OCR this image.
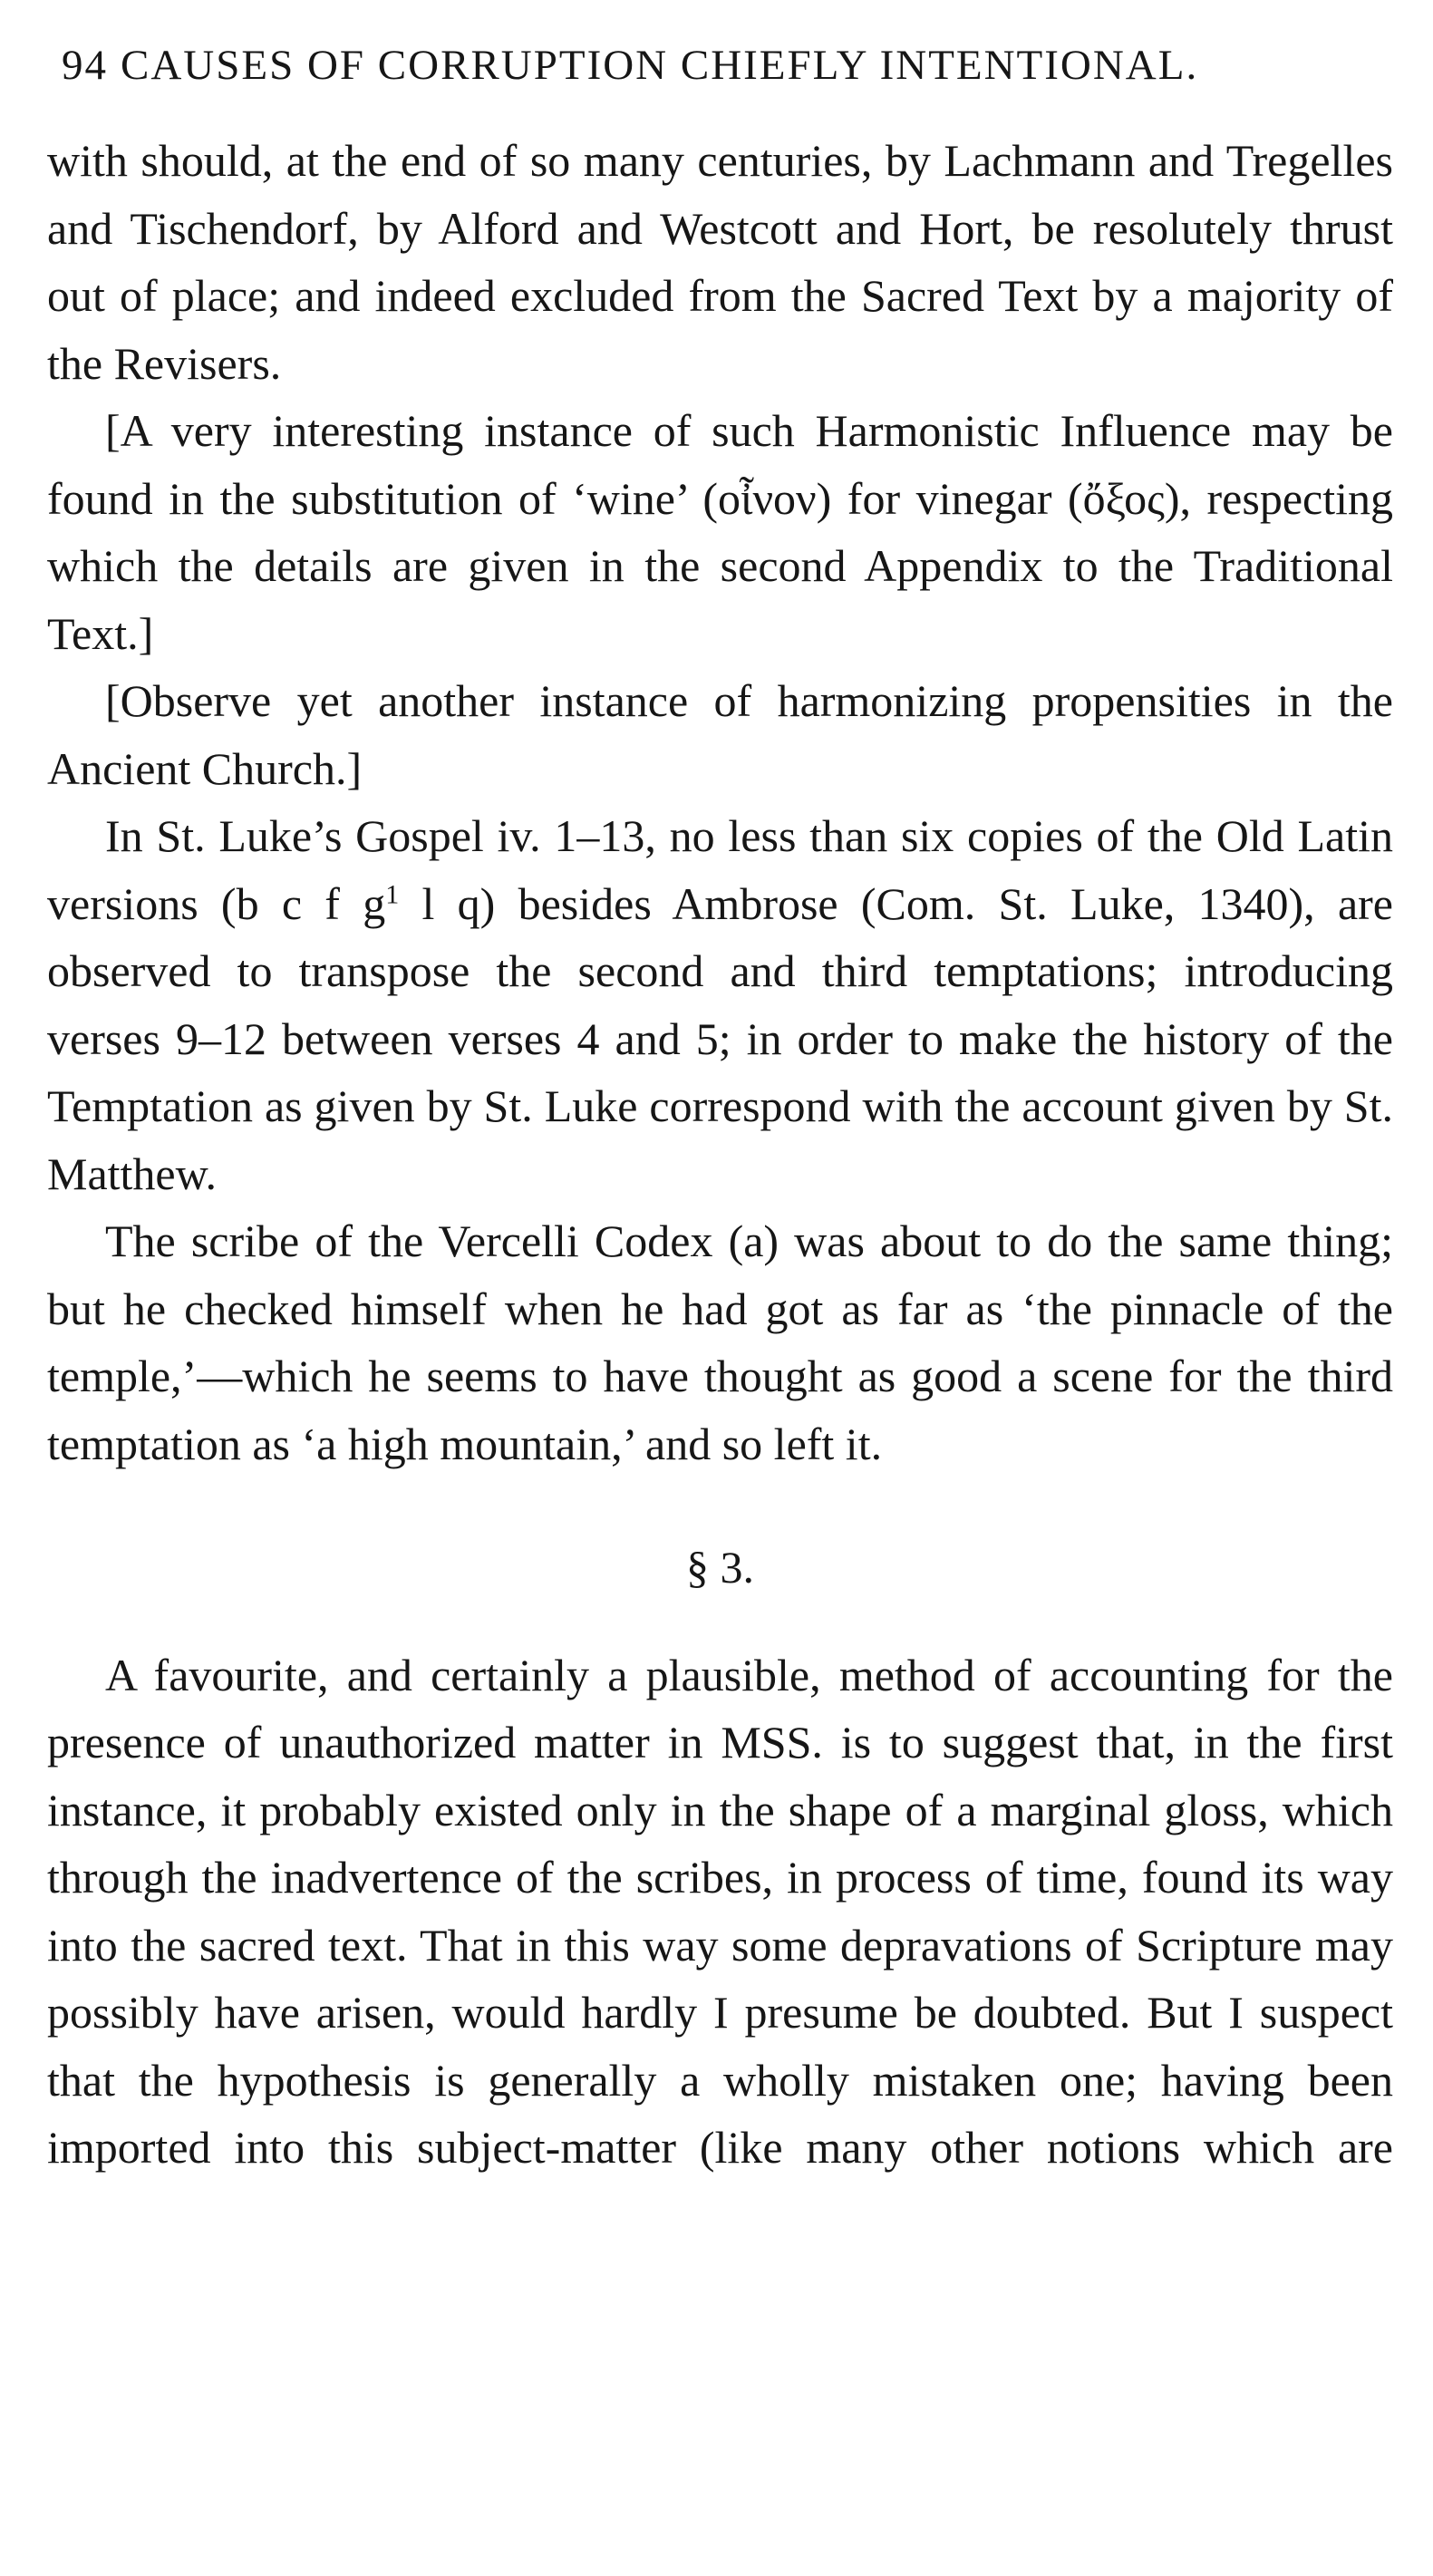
94 CAUSES OF CORRUPTION CHIEFLY INTENTIONAL.

with should, at the end of so many centuries, by Lachmann and Tregelles and Tischendorf, by Alford and Westcott and Hort, be resolutely thrust out of place; and indeed excluded from the Sacred Text by a majority of the Revisers.

[A very interesting instance of such Harmonistic Influence may be found in the substitution of ‘wine’ (οἶνον) for vinegar (ὄξος), respecting which the details are given in the second Appendix to the Traditional Text.]

[Observe yet another instance of harmonizing propensities in the Ancient Church.]

In St. Luke’s Gospel iv. 1–13, no less than six copies of the Old Latin versions (b c f $g^1$ l q) besides Ambrose (Com. St. Luke, 1340), are observed to transpose the second and third temptations; introducing verses 9–12 between verses 4 and 5; in order to make the history of the Temptation as given by St. Luke correspond with the account given by St. Matthew.

The scribe of the Vercelli Codex (a) was about to do the same thing; but he checked himself when he had got as far as ‘the pinnacle of the temple,’—which he seems to have thought as good a scene for the third temptation as ‘a high mountain,’ and so left it.

§ 3.

A favourite, and certainly a plausible, method of accounting for the presence of unauthorized matter in MSS. is to suggest that, in the first instance, it probably existed only in the shape of a marginal gloss, which through the inadvertence of the scribes, in process of time, found its way into the sacred text. That in this way some depravations of Scripture may possibly have arisen, would hardly I presume be doubted. But I suspect that the hypothesis is generally a wholly mistaken one; having been imported into this subject-matter (like many other notions which are
